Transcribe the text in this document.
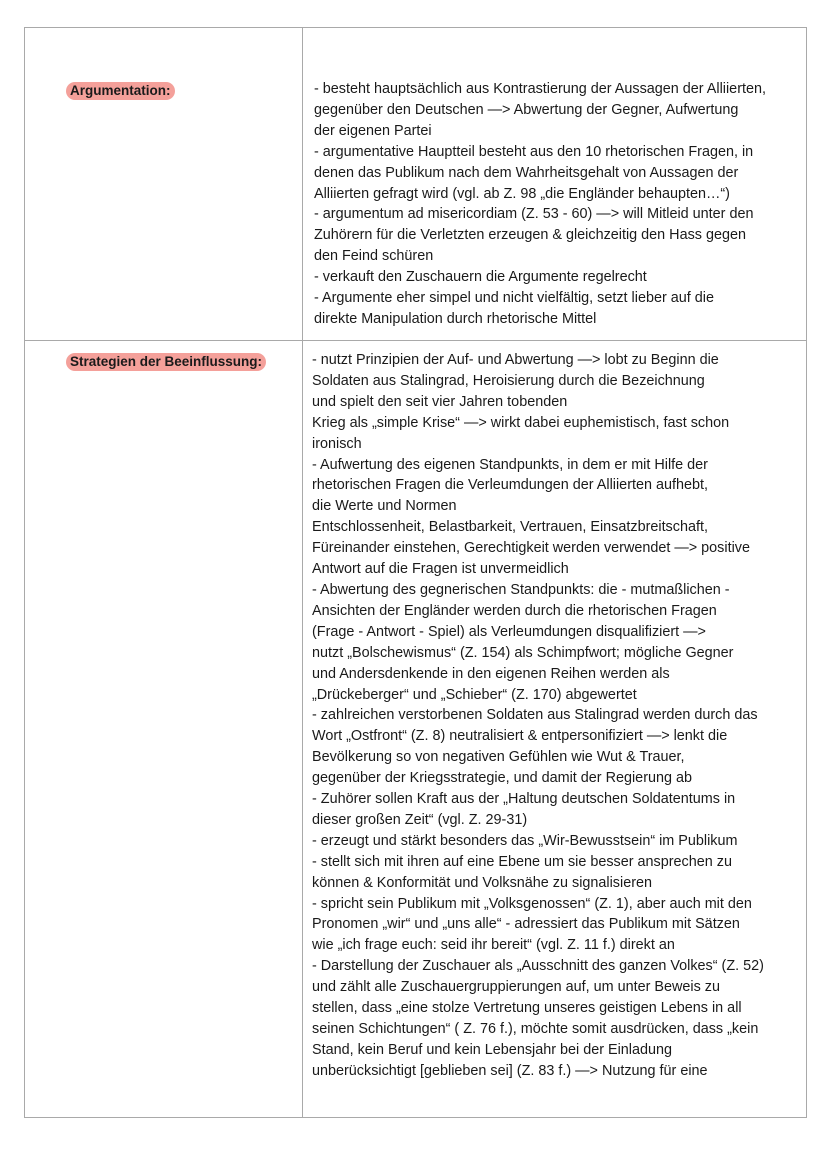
Argumentation:	- besteht hauptsächlich aus Kontrastierung der Aussagen der Alliierten,
gegenüber den Deutschen —> Abwertung der Gegner, Aufwertung
der eigenen Partei
- argumentative Hauptteil besteht aus den 10 rhetorischen Fragen, in
denen das Publikum nach dem Wahrheitsgehalt von Aussagen der
Alliierten gefragt wird (vgl. ab Z. 98 „die Engländer behaupten…“)
- argumentum ad misericordiam (Z. 53 - 60) —> will Mitleid unter den
Zuhörern für die Verletzten erzeugen & gleichzeitig den Hass gegen
den Feind schüren
- verkauft den Zuschauern die Argumente regelrecht
- Argumente eher simpel und nicht vielfältig, setzt lieber auf die
direkte Manipulation durch rhetorische Mittel
Strategien der Beeinflussung:	- nutzt Prinzipien der Auf- und Abwertung —> lobt zu Beginn die
Soldaten aus Stalingrad, Heroisierung durch die Bezeichnung
und spielt den seit vier Jahren tobenden
Krieg als „simple Krise“ —> wirkt dabei euphemistisch, fast schon
ironisch
- Aufwertung des eigenen Standpunkts, in dem er mit Hilfe der
rhetorischen Fragen die Verleumdungen der Alliierten aufhebt,
die Werte und Normen
Entschlossenheit, Belastbarkeit, Vertrauen, Einsatzbreitschaft,
Füreinander einstehen, Gerechtigkeit werden verwendet —> positive
Antwort auf die Fragen ist unvermeidlich
- Abwertung des gegnerischen Standpunkts: die - mutmaßlichen -
Ansichten der Engländer werden durch die rhetorischen Fragen
(Frage - Antwort - Spiel) als Verleumdungen disqualifiziert —>
nutzt „Bolschewismus“ (Z. 154) als Schimpfwort; mögliche Gegner
und Andersdenkende in den eigenen Reihen werden als
„Drückeberger“ und „Schieber“ (Z. 170) abgewertet
- zahlreichen verstorbenen Soldaten aus Stalingrad werden durch das
Wort „Ostfront“ (Z. 8) neutralisiert & entpersonifiziert —> lenkt die
Bevölkerung so von negativen Gefühlen wie Wut & Trauer,
gegenüber der Kriegsstrategie, und damit der Regierung ab
- Zuhörer sollen Kraft aus der „Haltung deutschen Soldatentums in
dieser großen Zeit“ (vgl. Z. 29-31)
- erzeugt und stärkt besonders das „Wir-Bewusstsein“ im Publikum
- stellt sich mit ihren auf eine Ebene um sie besser ansprechen zu
können & Konformität und Volksnähe zu signalisieren
- spricht sein Publikum mit „Volksgenossen“ (Z. 1), aber auch mit den
Pronomen „wir“ und „uns alle“ - adressiert das Publikum mit Sätzen
wie „ich frage euch: seid ihr bereit“ (vgl. Z. 11 f.) direkt an
- Darstellung der Zuschauer als „Ausschnitt des ganzen Volkes“ (Z. 52)
und zählt alle Zuschauergruppierungen auf, um unter Beweis zu
stellen, dass „eine stolze Vertretung unseres geistigen Lebens in all
seinen Schichtungen“ ( Z. 76 f.), möchte somit ausdrücken, dass „kein
Stand, kein Beruf und kein Lebensjahr bei der Einladung
unberücksichtigt [geblieben sei] (Z. 83 f.) —> Nutzung für eine
